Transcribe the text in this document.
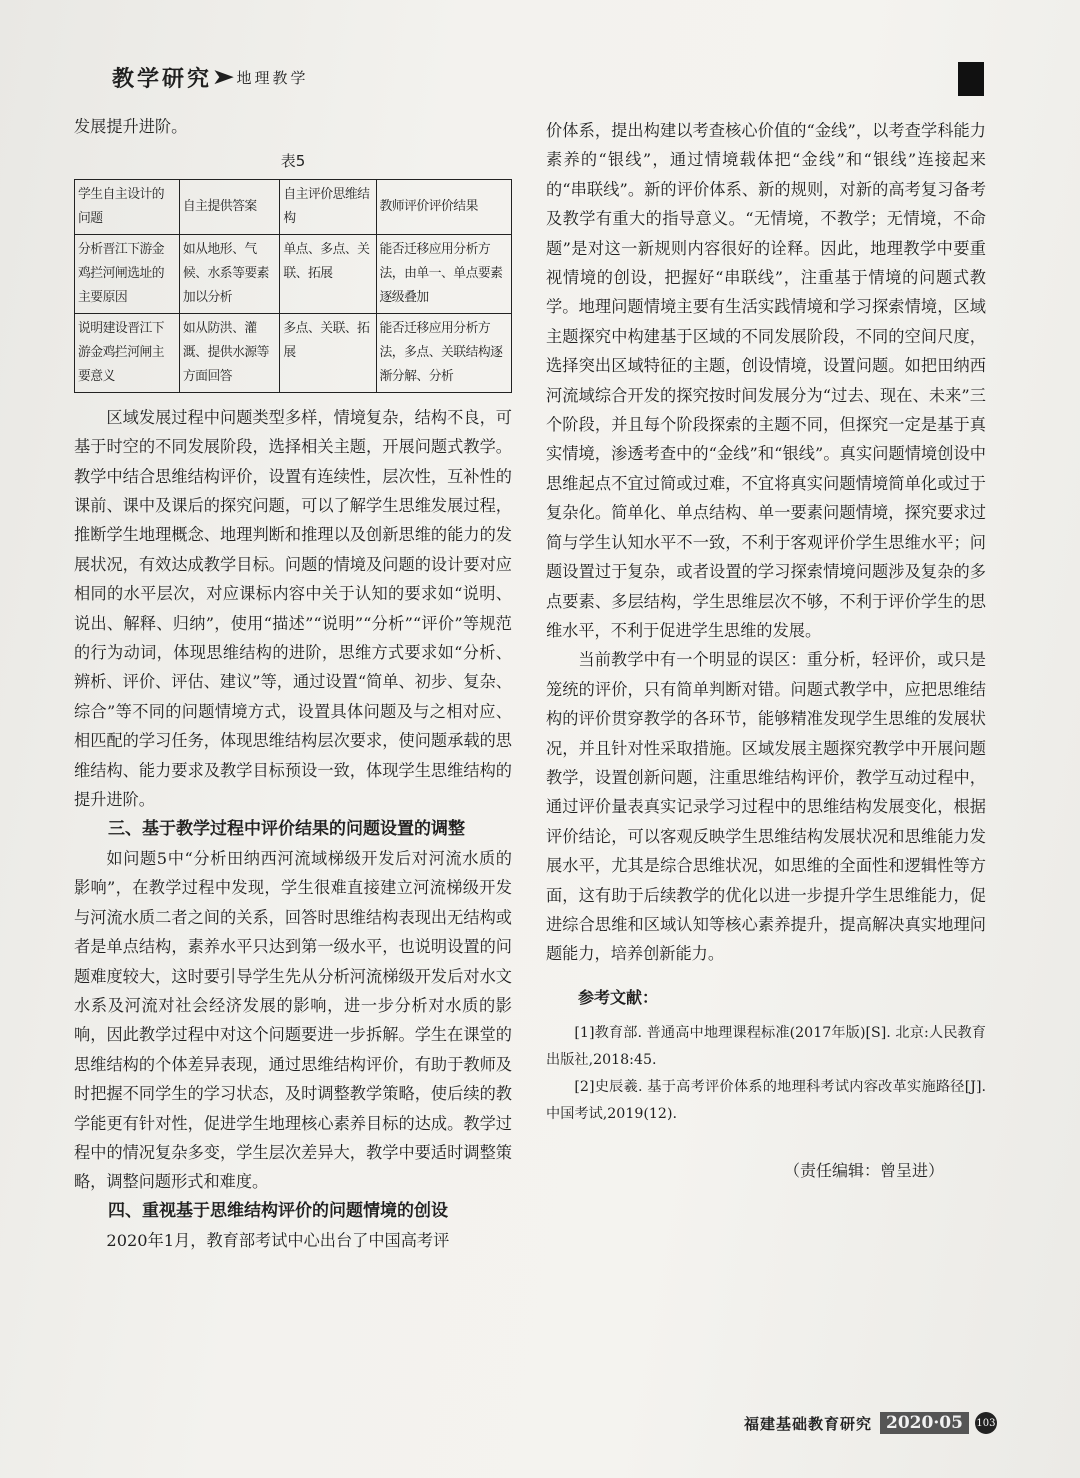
教学研究 ➤ 地理教学

发展提升进阶。

表5
学生自主设计的问题	自主提供答案	自主评价思维结构	教师评价评价结果
分析晋江下游金鸡拦河闸选址的主要原因	如从地形、气候、水系等要素加以分析	单点、多点、关联、拓展	能否迁移应用分析方法，由单一、单点要素逐级叠加
说明建设晋江下游金鸡拦河闸主要意义	如从防洪、灌溉、提供水源等方面回答	多点、关联、拓展	能否迁移应用分析方法，多点、关联结构逐渐分解、分析

区域发展过程中问题类型多样，情境复杂，结构不良，可基于时空的不同发展阶段，选择相关主题，开展问题式教学。教学中结合思维结构评价，设置有连续性，层次性，互补性的课前、课中及课后的探究问题，可以了解学生思维发展过程，推断学生地理概念、地理判断和推理以及创新思维的能力的发展状况，有效达成教学目标。问题的情境及问题的设计要对应相同的水平层次，对应课标内容中关于认知的要求如“说明、说出、解释、归纳”，使用“描述”“说明”“分析”“评价”等规范的行为动词，体现思维结构的进阶，思维方式要求如“分析、辨析、评价、评估、建议”等，通过设置“简单、初步、复杂、综合”等不同的问题情境方式，设置具体问题及与之相对应、相匹配的学习任务，体现思维结构层次要求，使问题承载的思维结构、能力要求及教学目标预设一致，体现学生思维结构的提升进阶。

三、基于教学过程中评价结果的问题设置的调整

如问题5中“分析田纳西河流域梯级开发后对河流水质的影响”，在教学过程中发现，学生很难直接建立河流梯级开发与河流水质二者之间的关系，回答时思维结构表现出无结构或者是单点结构，素养水平只达到第一级水平，也说明设置的问题难度较大，这时要引导学生先从分析河流梯级开发后对水文水系及河流对社会经济发展的影响，进一步分析对水质的影响，因此教学过程中对这个问题要进一步拆解。学生在课堂的思维结构的个体差异表现，通过思维结构评价，有助于教师及时把握不同学生的学习状态，及时调整教学策略，使后续的教学能更有针对性，促进学生地理核心素养目标的达成。教学过程中的情况复杂多变，学生层次差异大，教学中要适时调整策略，调整问题形式和难度。

四、重视基于思维结构评价的问题情境的创设

2020年1月，教育部考试中心出台了中国高考评

价体系，提出构建以考查核心价值的“金线”，以考查学科能力素养的“银线”，通过情境载体把“金线”和“银线”连接起来的“串联线”。新的评价体系、新的规则，对新的高考复习备考及教学有重大的指导意义。“无情境，不教学；无情境，不命题”是对这一新规则内容很好的诠释。因此，地理教学中要重视情境的创设，把握好“串联线”，注重基于情境的问题式教学。地理问题情境主要有生活实践情境和学习探索情境，区域主题探究中构建基于区域的不同发展阶段，不同的空间尺度，选择突出区域特征的主题，创设情境，设置问题。如把田纳西河流域综合开发的探究按时间发展分为“过去、现在、未来”三个阶段，并且每个阶段探索的主题不同，但探究一定是基于真实情境，渗透考查中的“金线”和“银线”。真实问题情境创设中思维起点不宜过简或过难，不宜将真实问题情境简单化或过于复杂化。简单化、单点结构、单一要素问题情境，探究要求过简与学生认知水平不一致，不利于客观评价学生思维水平；问题设置过于复杂，或者设置的学习探索情境问题涉及复杂的多点要素、多层结构，学生思维层次不够，不利于评价学生的思维水平，不利于促进学生思维的发展。

当前教学中有一个明显的误区：重分析，轻评价，或只是笼统的评价，只有简单判断对错。问题式教学中，应把思维结构的评价贯穿教学的各环节，能够精准发现学生思维的发展状况，并且针对性采取措施。区域发展主题探究教学中开展问题教学，设置创新问题，注重思维结构评价，教学互动过程中，通过评价量表真实记录学习过程中的思维结构发展变化，根据评价结论，可以客观反映学生思维结构发展状况和思维能力发展水平，尤其是综合思维状况，如思维的全面性和逻辑性等方面，这有助于后续教学的优化以进一步提升学生思维能力，促进综合思维和区域认知等核心素养提升，提高解决真实地理问题能力，培养创新能力。

参考文献：

[1]教育部. 普通高中地理课程标准(2017年版)[S]. 北京:人民教育出版社,2018:45.

[2]史辰羲. 基于高考评价体系的地理科考试内容改革实施路径[J]. 中国考试,2019(12).

（责任编辑：曾呈进）
福建基础教育研究 2020·05	103
